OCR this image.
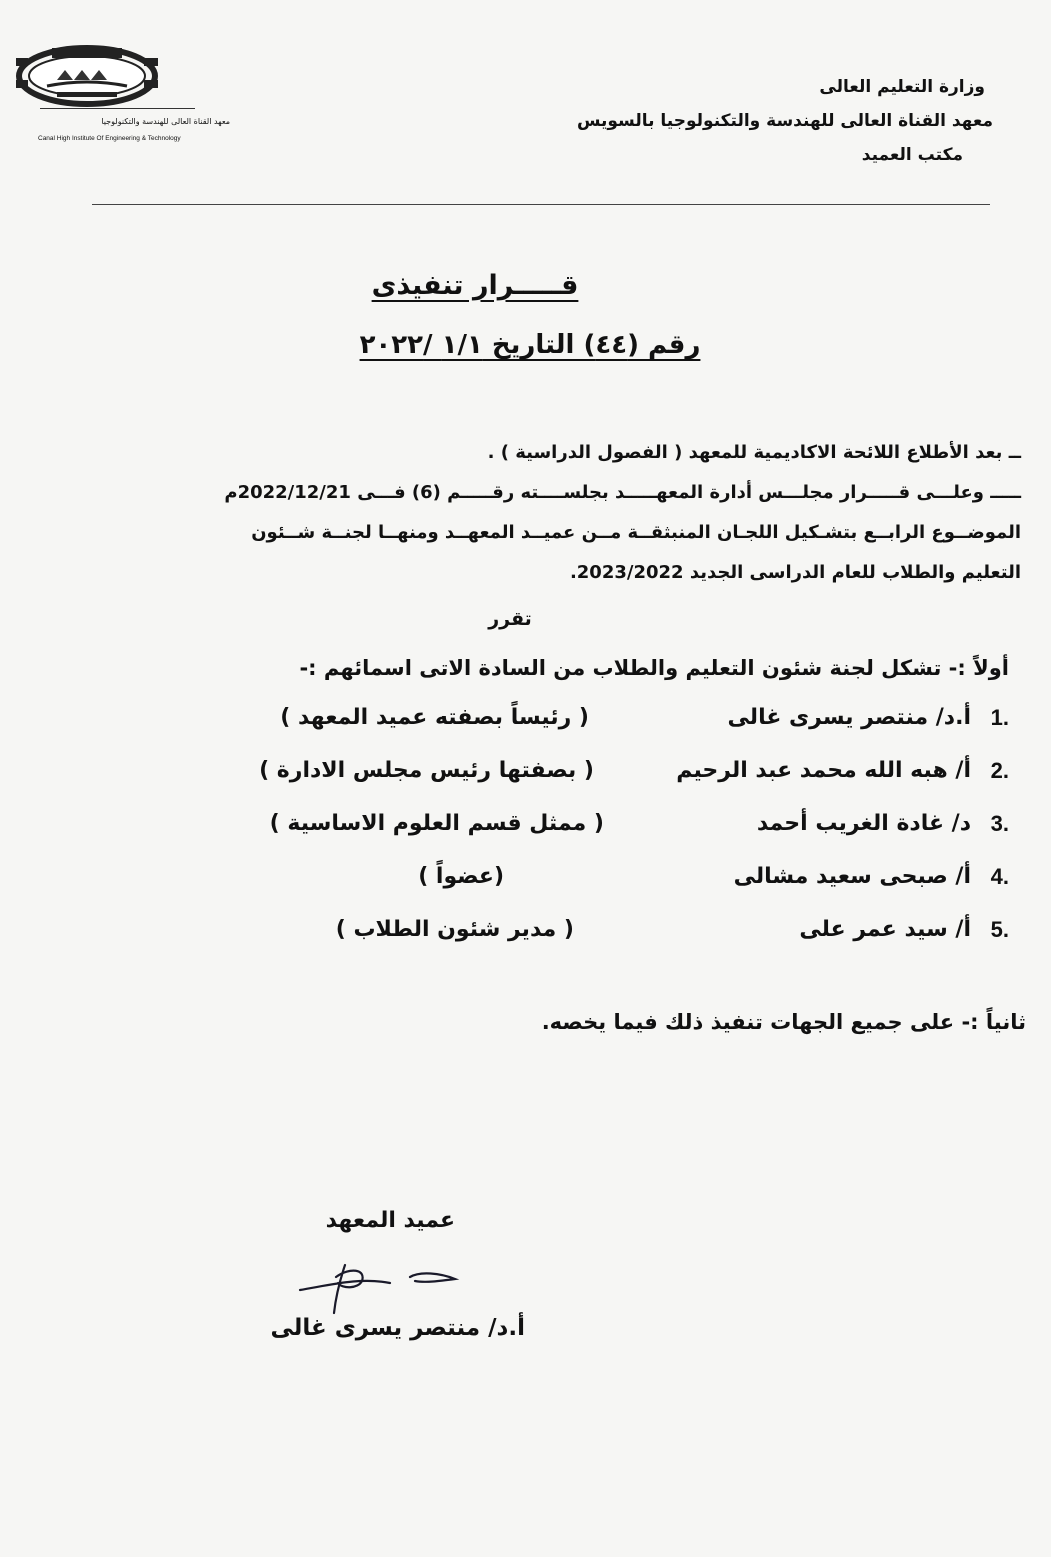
معهد القناة العالى للهندسة والتكنولوجيا
Canal High Institute Of Engineering & Technology
وزارة التعليم العالى
معهد القناة العالى للهندسة والتكنولوجيا بالسويس
مكتب العميد
قـــــرار تنفيذى
رقم (٤٤) التاريخ ١/١ /٢٠٢٢
ــ بعد الأطلاع اللائحة الاكاديمية للمعهد ( الفصول الدراسية ) .
ـــــ وعلـــى قـــــرار مجلـــس أدارة المعهـــــد بجلســــته رقـــــم (6) فـــى 2022/12/21م
الموضــوع الرابــع بتشـكيل اللجـان المنبثقــة مــن عميــد المعهــد ومنهــا لجنــة شــئون
التعليم والطلاب للعام الدراسى الجديد 2023/2022.
تقرر
أولاً :- تشكل لجنة شئون التعليم والطلاب من السادة الاتى اسمائهم :-
1.
أ.د/ منتصر يسرى غالى
( رئيساً بصفته عميد المعهد )
2.
أ/ هبه الله محمد عبد الرحيم
( بصفتها رئيس مجلس الادارة )
3.
د/ غادة الغريب أحمد
( ممثل قسم العلوم الاساسية )
4.
أ/ صبحى سعيد مشالى
(عضواً )
5.
أ/ سيد عمر على
( مدير شئون الطلاب )
ثانياً :- على جميع الجهات تنفيذ ذلك فيما يخصه.
عميد المعهد
أ.د/ منتصر يسرى غالى
